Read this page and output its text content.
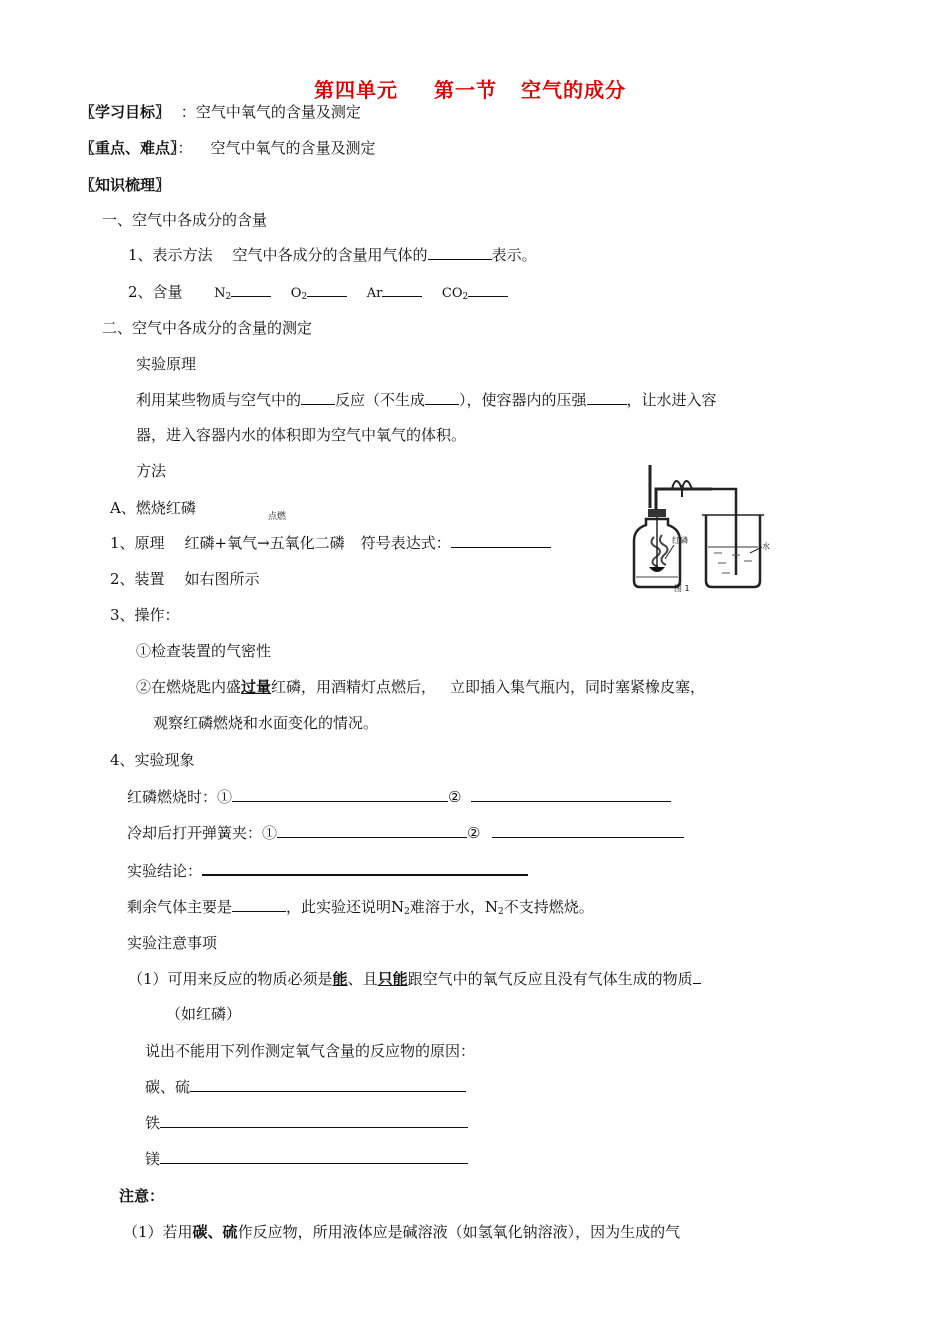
第四单元 第一节 空气的成分
〖学习目标〗 ：空气中氧气的含量及测定
〖重点、难点〗： 空气中氧气的含量及测定
〖知识梳理〗
一、空气中各成分的含量
1、表示方法 空气中各成分的含量用气体的	表示。
2、含量 $N_2$	$O_2$	Ar	$CO_2$
二、空气中各成分的含量的测定
实验原理
利用某些物质与空气中的 反应（不生成 ），使容器内的压强	，让水进入容
器，进入容器内水的体积即为空气中氧气的体积。
方法
A、燃烧红磷	点燃
1、原理 红磷+氧气→五氧化二磷 符号表达式：
2、装置 如右图所示
3、操作：
①检查装置的气密性
②在燃烧匙内盛过量红磷，用酒精灯点燃后， 立即插入集气瓶内，同时塞紧橡皮塞，
观察红磷燃烧和水面变化的情况。
4、实验现象
红磷燃烧时：①	②
冷却后打开弹簧夹：①	②
实验结论：
剩余气体主要是	，此实验还说明$N_2$难溶于水，$N_2$不支持燃烧。
实验注意事项
（1）可用来反应的物质必须是能、且只能跟空气中的氧气反应且没有气体生成的物质
（如红磷）
说出不能用下列作测定氧气含量的反应物的原因：
碳、硫
铁
镁
注意：
（1）若用碳、硫作反应物，所用液体应是碱溶液（如氢氧化钠溶液），因为生成的气
红磷
水
图 1
